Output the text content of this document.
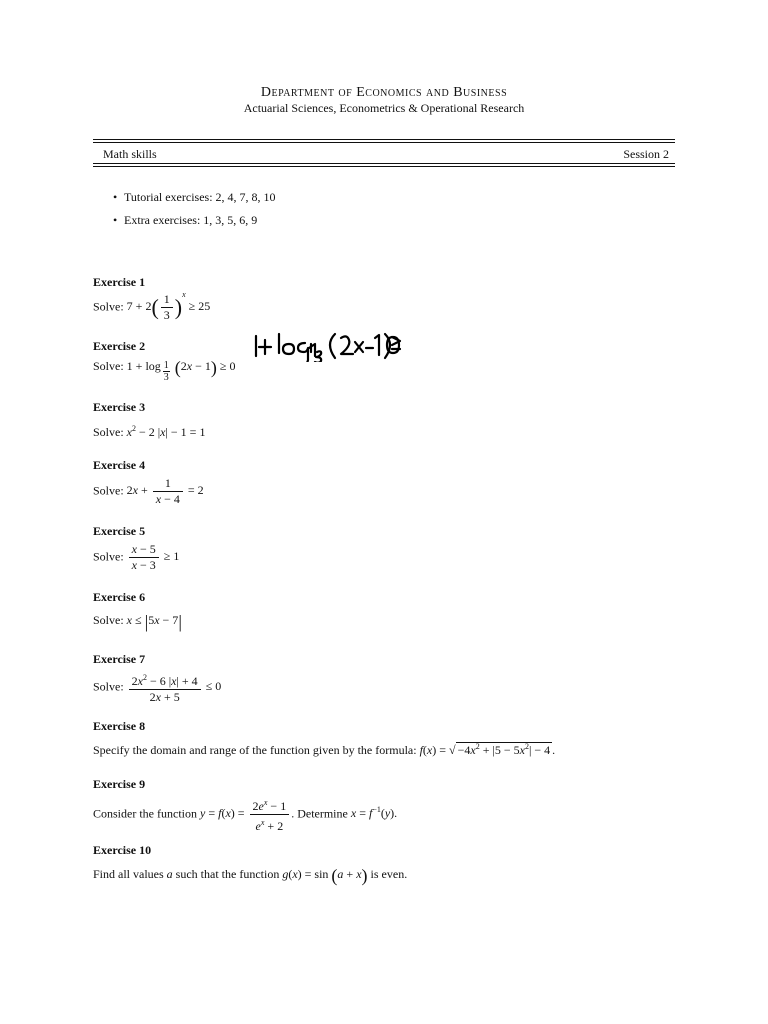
Department of Economics and Business
Actuarial Sciences, Econometrics & Operational Research
Math skills	Session 2
• Tutorial exercises: 2, 4, 7, 8, 10
• Extra exercises: 1, 3, 5, 6, 9
Exercise 1
Solve: $7 + 2( \frac{1}{3} )^x \ge 25$
Exercise 2
Solve: 1 + log $_{\frac{1}{3}}$ (2x − 1) ≥ 0
Exercise 3
Solve: $x^2 - 2$ |x| − 1 = 1
Exercise 4
Solve: $2x + \frac{1}{x - 4} = 2$
Exercise 5
Solve: $\frac{x - 5}{x - 3} \ge 1$
Exercise 6
Solve: x ≤ |5x − 7|
Exercise 7
Solve: $\frac{2x^2 - 6 |x| + 4}{2x + 5} \le 0$
Exercise 8
Specify the domain and range of the function given by the formula: f(x) = √ $-4x^2 + |5 - 5x^2| - 4$ .
Exercise 9
Consider the function $y = f(x) = \frac{2e^x - 1}{e^x + 2}$ . Determine $x = f^{-1}(y)$.
Exercise 10
Find all values a such that the function g(x) = sin (a + x) is even.
